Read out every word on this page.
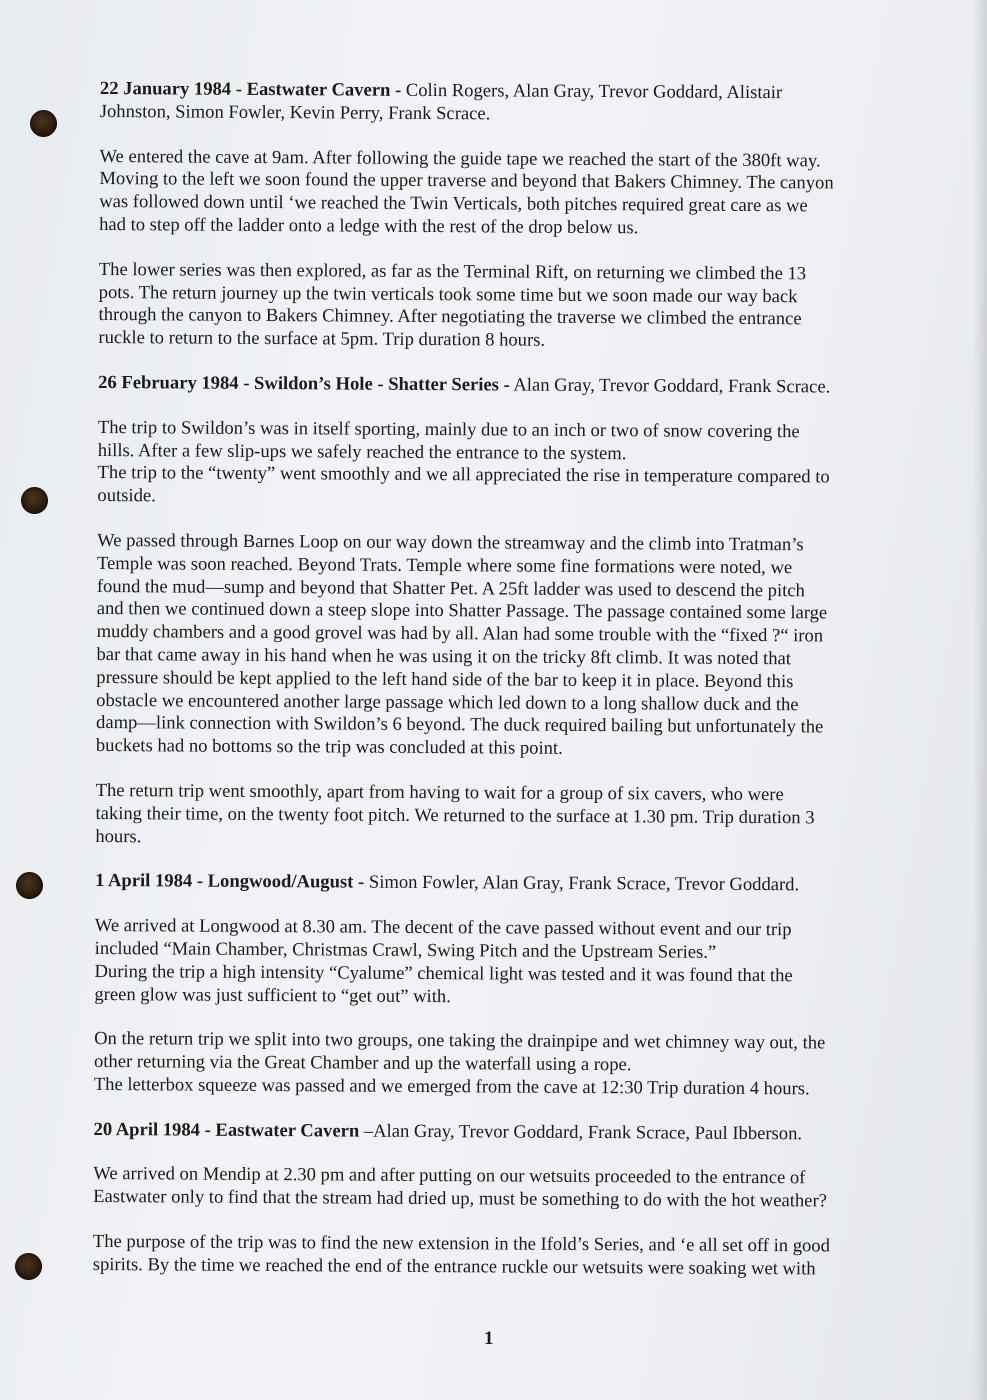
22 January 1984 - Eastwater Cavern - Colin Rogers, Alan Gray, Trevor Goddard, Alistair
Johnston, Simon Fowler, Kevin Perry, Frank Scrace.
We entered the cave at 9am. After following the guide tape we reached the start of the 380ft way.
Moving to the left we soon found the upper traverse and beyond that Bakers Chimney. The canyon
was followed down until ‘we reached the Twin Verticals, both pitches required great care as we
had to step off the ladder onto a ledge with the rest of the drop below us.
The lower series was then explored, as far as the Terminal Rift, on returning we climbed the 13
pots. The return journey up the twin verticals took some time but we soon made our way back
through the canyon to Bakers Chimney. After negotiating the traverse we climbed the entrance
ruckle to return to the surface at 5pm. Trip duration 8 hours.
26 February 1984 - Swildon’s Hole - Shatter Series - Alan Gray, Trevor Goddard, Frank Scrace.
The trip to Swildon’s was in itself sporting, mainly due to an inch or two of snow covering the
hills. After a few slip-ups we safely reached the entrance to the system.
The trip to the “twenty” went smoothly and we all appreciated the rise in temperature compared to
outside.
We passed through Barnes Loop on our way down the streamway and the climb into Tratman’s
Temple was soon reached. Beyond Trats. Temple where some fine formations were noted, we
found the mud—sump and beyond that Shatter Pet. A 25ft ladder was used to descend the pitch
and then we continued down a steep slope into Shatter Passage. The passage contained some large
muddy chambers and a good grovel was had by all. Alan had some trouble with the “fixed ?“ iron
bar that came away in his hand when he was using it on the tricky 8ft climb. It was noted that
pressure should be kept applied to the left hand side of the bar to keep it in place. Beyond this
obstacle we encountered another large passage which led down to a long shallow duck and the
damp—link connection with Swildon’s 6 beyond. The duck required bailing but unfortunately the
buckets had no bottoms so the trip was concluded at this point.
The return trip went smoothly, apart from having to wait for a group of six cavers, who were
taking their time, on the twenty foot pitch. We returned to the surface at 1.30 pm. Trip duration 3
hours.
1 April 1984 - Longwood/August - Simon Fowler, Alan Gray, Frank Scrace, Trevor Goddard.
We arrived at Longwood at 8.30 am. The decent of the cave passed without event and our trip
included “Main Chamber, Christmas Crawl, Swing Pitch and the Upstream Series.”
During the trip a high intensity “Cyalume” chemical light was tested and it was found that the
green glow was just sufficient to “get out” with.
On the return trip we split into two groups, one taking the drainpipe and wet chimney way out, the
other returning via the Great Chamber and up the waterfall using a rope.
The letterbox squeeze was passed and we emerged from the cave at 12:30 Trip duration 4 hours.
20 April 1984 - Eastwater Cavern –Alan Gray, Trevor Goddard, Frank Scrace, Paul Ibberson.
We arrived on Mendip at 2.30 pm and after putting on our wetsuits proceeded to the entrance of
Eastwater only to find that the stream had dried up, must be something to do with the hot weather?
The purpose of the trip was to find the new extension in the Ifold’s Series, and ‘e all set off in good
spirits. By the time we reached the end of the entrance ruckle our wetsuits were soaking wet with
1
